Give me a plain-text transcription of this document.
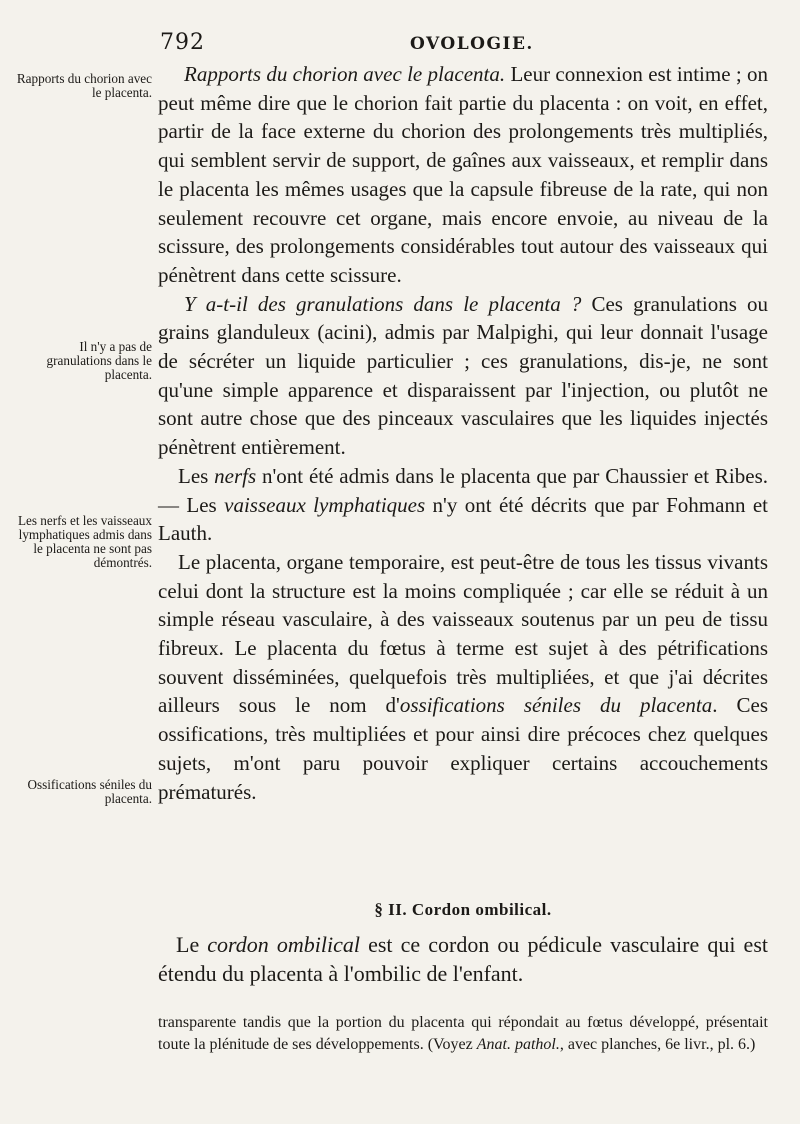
792	OVOLOGIE.
Rapports du chorion avec le placenta.
Il n'y a pas de granulations dans le placenta.
Les nerfs et les vaisseaux lymphatiques admis dans le placenta ne sont pas démontrés.
Ossifications séniles du placenta.

Rapports du chorion avec le placenta. Leur connexion est intime ; on peut même dire que le chorion fait partie du placenta : on voit, en effet, partir de la face externe du chorion des prolongements très multipliés, qui semblent servir de support, de gaînes aux vaisseaux, et remplir dans le placenta les mêmes usages que la capsule fibreuse de la rate, qui non seulement recouvre cet organe, mais encore envoie, au niveau de la scissure, des prolongements considérables tout autour des vaisseaux qui pénètrent dans cette scissure.

Y a-t-il des granulations dans le placenta ? Ces granulations ou grains glanduleux (acini), admis par Malpighi, qui leur donnait l'usage de sécréter un liquide particulier ; ces granulations, dis-je, ne sont qu'une simple apparence et disparaissent par l'injection, ou plutôt ne sont autre chose que des pinceaux vasculaires que les liquides injectés pénètrent entièrement.

Les nerfs n'ont été admis dans le placenta que par Chaussier et Ribes. — Les vaisseaux lymphatiques n'y ont été décrits que par Fohmann et Lauth.

Le placenta, organe temporaire, est peut-être de tous les tissus vivants celui dont la structure est la moins compliquée ; car elle se réduit à un simple réseau vasculaire, à des vaisseaux soutenus par un peu de tissu fibreux. Le placenta du fœtus à terme est sujet à des pétrifications souvent disséminées, quelquefois très multipliées, et que j'ai décrites ailleurs sous le nom d'ossifications séniles du placenta. Ces ossifications, très multipliées et pour ainsi dire précoces chez quelques sujets, m'ont paru pouvoir expliquer certains accouchements prématurés.

§ II. Cordon ombilical.

Le cordon ombilical est ce cordon ou pédicule vasculaire qui est étendu du placenta à l'ombilic de l'enfant.

transparente tandis que la portion du placenta qui répondait au fœtus développé, présentait toute la plénitude de ses développements. (Voyez Anat. pathol., avec planches, 6e livr., pl. 6.)
